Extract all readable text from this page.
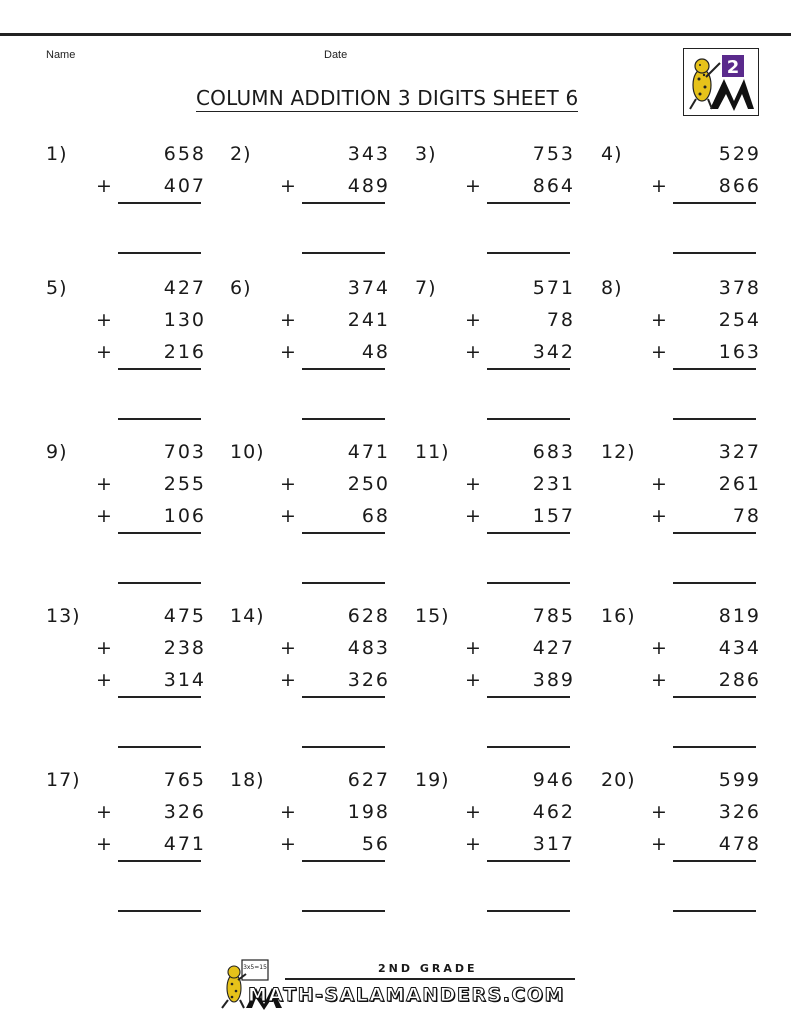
Name	Date
COLUMN ADDITION 3 DIGITS SHEET 6
2
1)	658
+	407
2)	343
+	489
3)	753
+	864
4)	529
+	866
5)	427
+	130
+	216
6)	374
+	241
+	48
7)	571
+	78
+	342
8)	378
+	254
+	163
9)	703
+	255
+	106
10)	471
+	250
+	68
11)	683
+	231
+	157
12)	327
+	261
+	78
13)	475
+	238
+	314
14)	628
+	483
+	326
15)	785
+	427
+	389
16)	819
+	434
+	286
17)	765
+	326
+	471
18)	627
+	198
+	56
19)	946
+	462
+	317
20)	599
+	326
+	478
3x5=15	2ND GRADE
MATH-SALAMANDERS.COM
